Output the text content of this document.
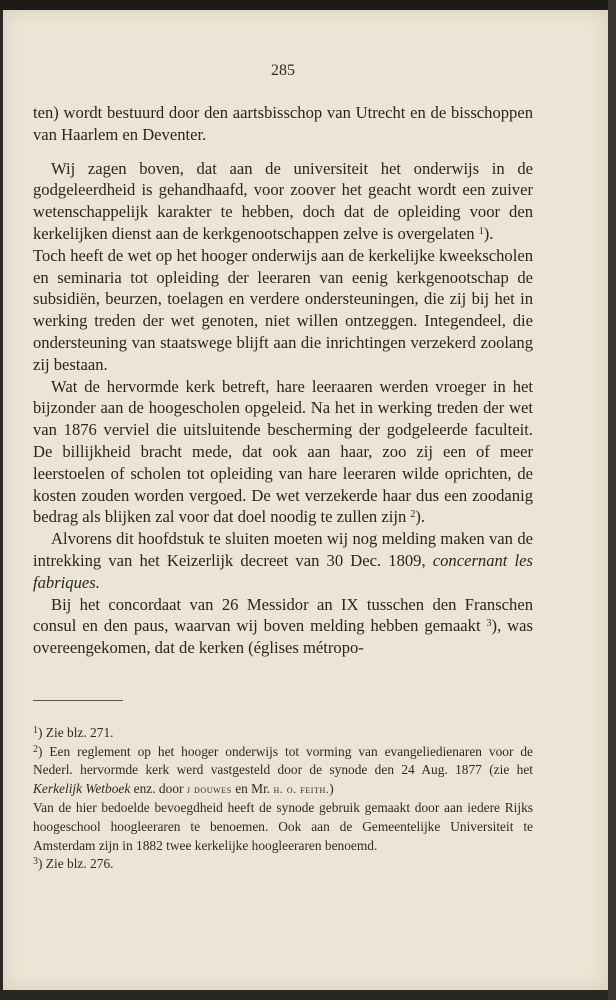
285

ten) wordt bestuurd door den aartsbisschop van Utrecht en de bisschoppen van Haarlem en Deventer.

Wij zagen boven, dat aan de universiteit het onderwijs in de godgeleerdheid is gehandhaafd, voor zoover het geacht wordt een zuiver wetenschappelijk karakter te hebben, doch dat de opleiding voor den kerkelijken dienst aan de kerkgenootschappen zelve is overgelaten $^1$).

Toch heeft de wet op het hooger onderwijs aan de kerkelijke kweekscholen en seminaria tot opleiding der leeraren van eenig kerkgenootschap de subsidiën, beurzen, toelagen en verdere ondersteuningen, die zij bij het in werking treden der wet genoten, niet willen ontzeggen. Integendeel, die ondersteuning van staatswege blijft aan die inrichtingen verzekerd zoolang zij bestaan.

Wat de hervormde kerk betreft, hare leeraaren werden vroeger in het bijzonder aan de hoogescholen opgeleid. Na het in werking treden der wet van 1876 verviel die uitsluitende bescherming der godgeleerde faculteit. De billijkheid bracht mede, dat ook aan haar, zoo zij een of meer leerstoelen of scholen tot opleiding van hare leeraren wilde oprichten, de kosten zouden worden vergoed. De wet verzekerde haar dus een zoodanig bedrag als blijken zal voor dat doel noodig te zullen zijn $^2$).

Alvorens dit hoofdstuk te sluiten moeten wij nog melding maken van de intrekking van het Keizerlijk decreet van 30 Dec. 1809, concernant les fabriques.

Bij het concordaat van 26 Messidor an IX tusschen den Franschen consul en den paus, waarvan wij boven melding hebben gemaakt $^3$), was overeengekomen, dat de kerken (églises métropo-

$^1$) Zie blz. 271.

$^2$) Een reglement op het hooger onderwijs tot vorming van evangeliedienaren voor de Nederl. hervormde kerk werd vastgesteld door de synode den 24 Aug. 1877 (zie het Kerkelijk Wetboek enz. door j douwes en Mr. h. o. feith.)

Van de hier bedoelde bevoegdheid heeft de synode gebruik gemaakt door aan iedere Rijks hoogeschool hoogleeraren te benoemen. Ook aan de Gemeentelijke Universiteit te Amsterdam zijn in 1882 twee kerkelijke hoogleeraren benoemd.

$^3$) Zie blz. 276.
